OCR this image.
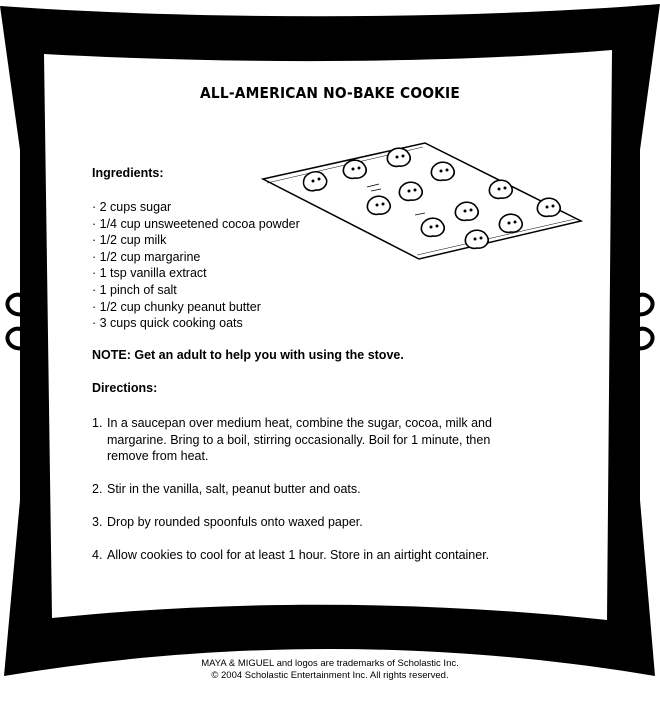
ALL-AMERICAN NO-BAKE COOKIE
Ingredients:
· 2 cups sugar
· 1/4 cup unsweetened cocoa powder
· 1/2 cup milk
· 1/2 cup margarine
· 1 tsp vanilla extract
· 1 pinch of salt
· 1/2 cup chunky peanut butter
· 3 cups quick cooking oats
NOTE: Get an adult to help you with using the stove.
Directions:
1. In a saucepan over medium heat, combine the sugar, cocoa, milk and margarine. Bring to a boil, stirring occasionally. Boil for 1 minute, then remove from heat.
2. Stir in the vanilla, salt, peanut butter and oats.
3. Drop by rounded spoonfuls onto waxed paper.
4. Allow cookies to cool for at least 1 hour. Store in an airtight container.
MAYA & MIGUEL and logos are trademarks of Scholastic Inc.
© 2004 Scholastic Entertainment Inc. All rights reserved.
